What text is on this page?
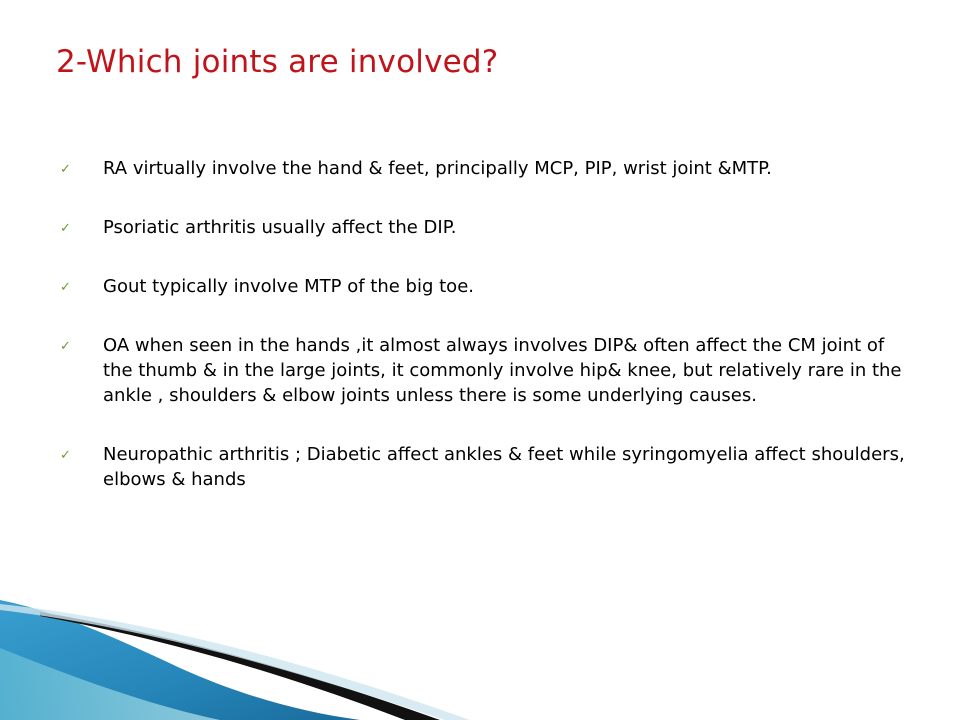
2-Which joints are involved?
✓ RA virtually involve the hand & feet, principally MCP, PIP, wrist joint &MTP.
✓ Psoriatic arthritis usually affect the DIP.
✓ Gout typically involve MTP of the big toe.
✓ OA when seen in the hands ,it almost always involves DIP& often affect the CM joint of the thumb & in the large joints, it commonly involve hip& knee, but relatively rare in the ankle , shoulders & elbow joints unless there is some underlying causes.
✓ Neuropathic arthritis ; Diabetic affect ankles & feet while syringomyelia affect shoulders, elbows & hands
